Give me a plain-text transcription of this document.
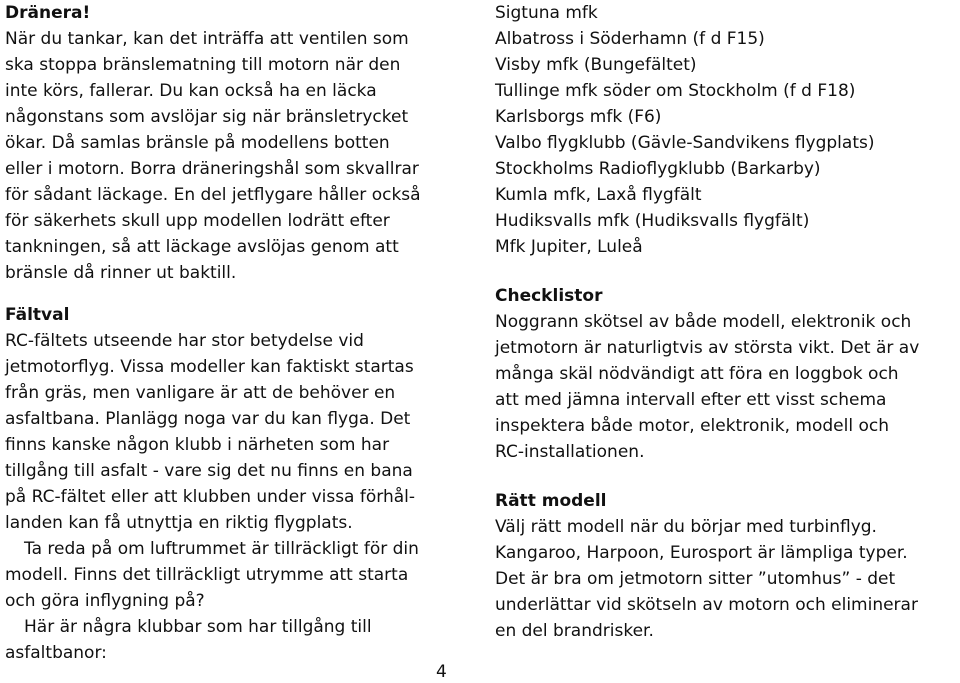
Dränera!
När du tankar, kan det inträffa att ventilen som
ska stoppa bränslematning till motorn när den
inte körs, fallerar. Du kan också ha en läcka
någonstans som avslöjar sig när bränsletrycket
ökar. Då samlas bränsle på modellens botten
eller i motorn. Borra dräneringshål som skvallrar
för sådant läckage. En del jetflygare håller också
för säkerhets skull upp modellen lodrätt efter
tankningen, så att läckage avslöjas genom att
bränsle då rinner ut baktill.
Fältval
RC-fältets utseende har stor betydelse vid
jetmotorflyg. Vissa modeller kan faktiskt startas
från gräs, men vanligare är att de behöver en
asfaltbana. Planlägg noga var du kan flyga. Det
finns kanske någon klubb i närheten som har
tillgång till asfalt - vare sig det nu finns en bana
på RC-fältet eller att klubben under vissa förhål-
landen kan få utnyttja en riktig flygplats.
Ta reda på om luftrummet är tillräckligt för din
modell. Finns det tillräckligt utrymme att starta
och göra inflygning på?
Här är några klubbar som har tillgång till
asfaltbanor:
Sigtuna mfk
Albatross i Söderhamn (f d F15)
Visby mfk (Bungefältet)
Tullinge mfk söder om Stockholm (f d F18)
Karlsborgs mfk (F6)
Valbo flygklubb (Gävle-Sandvikens flygplats)
Stockholms Radioflygklubb (Barkarby)
Kumla mfk, Laxå flygfält
Hudiksvalls mfk (Hudiksvalls flygfält)
Mfk Jupiter, Luleå
Checklistor
Noggrann skötsel av både modell, elektronik och
jetmotorn är naturligtvis av största vikt. Det är av
många skäl nödvändigt att föra en loggbok och
att med jämna intervall efter ett visst schema
inspektera både motor, elektronik, modell och
RC-installationen.
Rätt modell
Välj rätt modell när du börjar med turbinflyg.
Kangaroo, Harpoon, Eurosport är lämpliga typer.
Det är bra om jetmotorn sitter ”utomhus” - det
underlättar vid skötseln av motorn och eliminerar
en del brandrisker.
4
